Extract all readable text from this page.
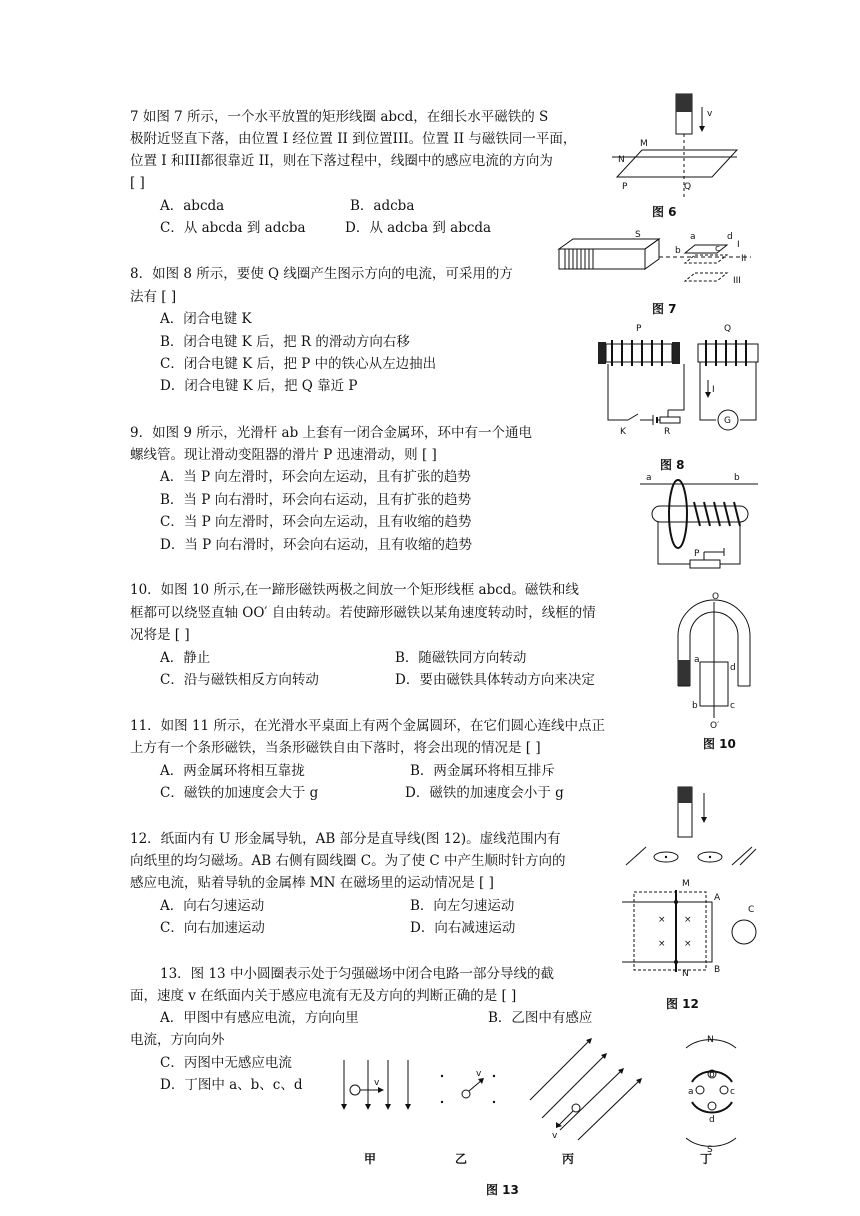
7 如图 7 所示，一个水平放置的矩形线圈 abcd，在细长水平磁铁的 S
极附近竖直下落，由位置 I 经位置 II 到位置III。位置 II 与磁铁同一平面，
位置 I 和III都很靠近 II，则在下落过程中，线圈中的感应电流的方向为
[ ]
A．abcda	B．adcba
C．从 abcda 到 adcba	D．从 adcba 到 abcda
8．如图 8 所示，要使 Q 线圈产生图示方向的电流，可采用的方
法有 [ ]
A．闭合电键 K
B．闭合电键 K 后，把 R 的滑动方向右移
C．闭合电键 K 后，把 P 中的铁心从左边抽出
D．闭合电键 K 后，把 Q 靠近 P
9．如图 9 所示，光滑杆 ab 上套有一闭合金属环，环中有一个通电
螺线管。现让滑动变阻器的滑片 P 迅速滑动，则 [ ]
A．当 P 向左滑时，环会向左运动，且有扩张的趋势
B．当 P 向右滑时，环会向右运动，且有扩张的趋势
C．当 P 向左滑时，环会向左运动，且有收缩的趋势
D．当 P 向右滑时，环会向右运动，且有收缩的趋势
10．如图 10 所示,在一蹄形磁铁两极之间放一个矩形线框 abcd。磁铁和线
框都可以绕竖直轴 OO′ 自由转动。若使蹄形磁铁以某角速度转动时，线框的情
况将是 [ ]
A．静止	B．随磁铁同方向转动
C．沿与磁铁相反方向转动	D．要由磁铁具体转动方向来决定
11．如图 11 所示，在光滑水平桌面上有两个金属圆环，在它们圆心连线中点正
上方有一个条形磁铁，当条形磁铁自由下落时，将会出现的情况是 [ ]
A．两金属环将相互靠拢	B．两金属环将相互排斥
C．磁铁的加速度会大于 g	D．磁铁的加速度会小于 g
12．纸面内有 U 形金属导轨，AB 部分是直导线(图 12)。虚线范围内有
向纸里的均匀磁场。AB 右侧有圆线圈 C。为了使 C 中产生顺时针方向的
感应电流，贴着导轨的金属棒 MN 在磁场里的运动情况是 [ ]
A．向右匀速运动	B．向左匀速运动
C．向右加速运动	D．向右减速运动
13．图 13 中小圆圈表示处于匀强磁场中闭合电路一部分导线的截
面，速度 v 在纸面内关于感应电流有无及方向的判断正确的是 [ ]
A．甲图中有感应电流，方向向里	B．乙图中有感应
电流，方向向外
C．丙图中无感应电流
D．丁图中 a、b、c、d
v
M
N
P	Q
图 6
S	a
b	c
d
I
II
III
图 7
P	Q
G
I
K	R
图 8
a	b
P
O
a
b	c
d
O′
图 10
M
A
B
N
C
×
×
×
×
图 12
v
v
v
N
S
a
b
c
d
甲	乙	丙	丁
图 13
